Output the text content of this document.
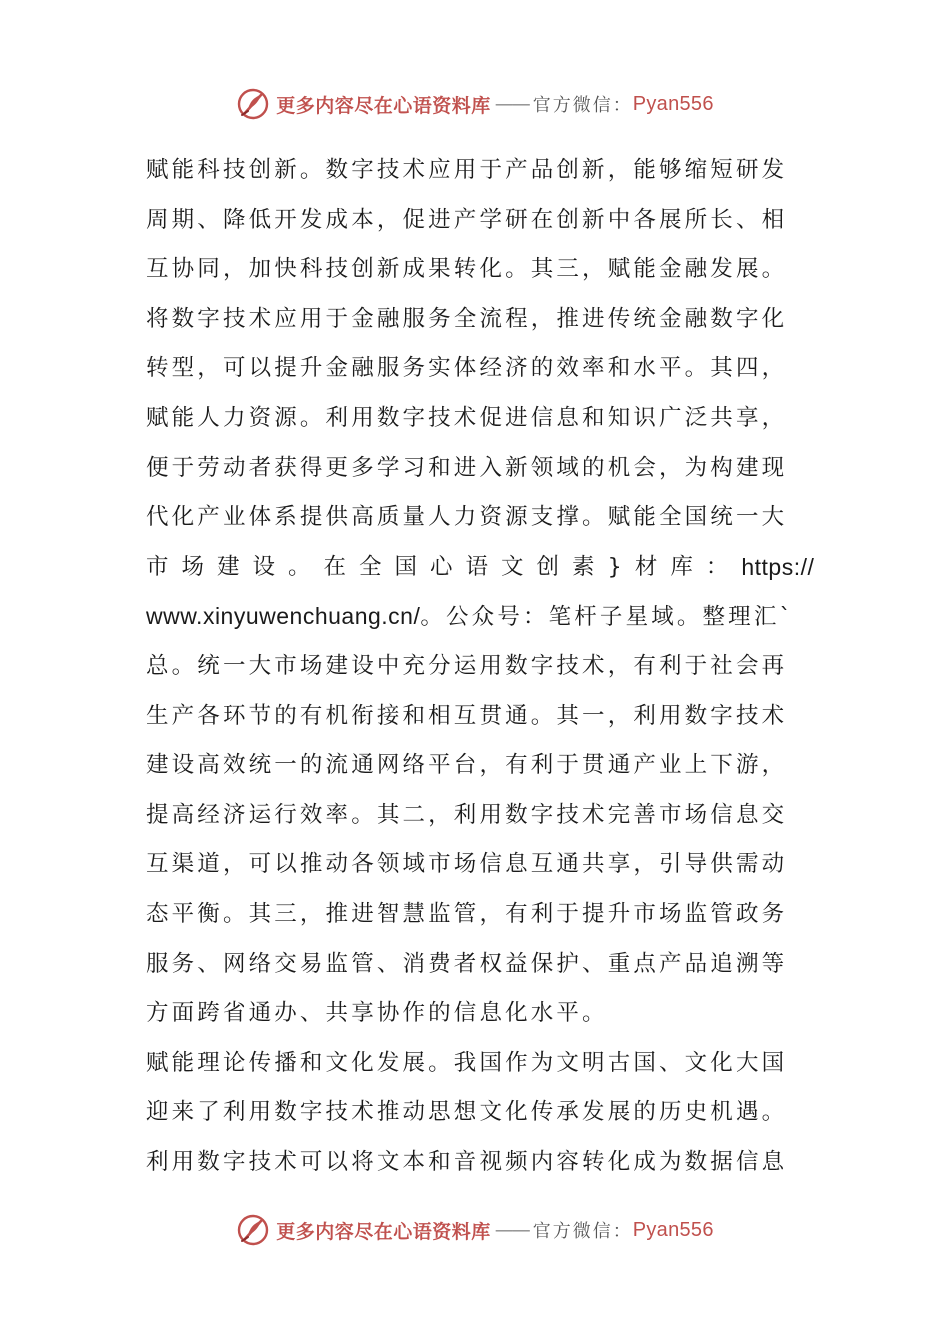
更多内容尽在心语资料库 —— 官方微信： Pyan556
赋能科技创新。数字技术应用于产品创新，能够缩短研发
周期、降低开发成本，促进产学研在创新中各展所长、相
互协同，加快科技创新成果转化。其三，赋能金融发展。
将数字技术应用于金融服务全流程，推进传统金融数字化
转型，可以提升金融服务实体经济的效率和水平。其四，
赋能人力资源。利用数字技术促进信息和知识广泛共享，
便于劳动者获得更多学习和进入新领域的机会，为构建现
代化产业体系提供高质量人力资源支撑。赋能全国统一大
市场建设。在全国心语文创素}材库： https://
www.xinyuwenchuang.cn/。公众号：笔杆子星域。整理汇`
总。统一大市场建设中充分运用数字技术，有利于社会再
生产各环节的有机衔接和相互贯通。其一，利用数字技术
建设高效统一的流通网络平台，有利于贯通产业上下游，
提高经济运行效率。其二，利用数字技术完善市场信息交
互渠道，可以推动各领域市场信息互通共享，引导供需动
态平衡。其三，推进智慧监管，有利于提升市场监管政务
服务、网络交易监管、消费者权益保护、重点产品追溯等
方面跨省通办、共享协作的信息化水平。
赋能理论传播和文化发展。我国作为文明古国、文化大国
迎来了利用数字技术推动思想文化传承发展的历史机遇。
利用数字技术可以将文本和音视频内容转化成为数据信息
更多内容尽在心语资料库 —— 官方微信： Pyan556
